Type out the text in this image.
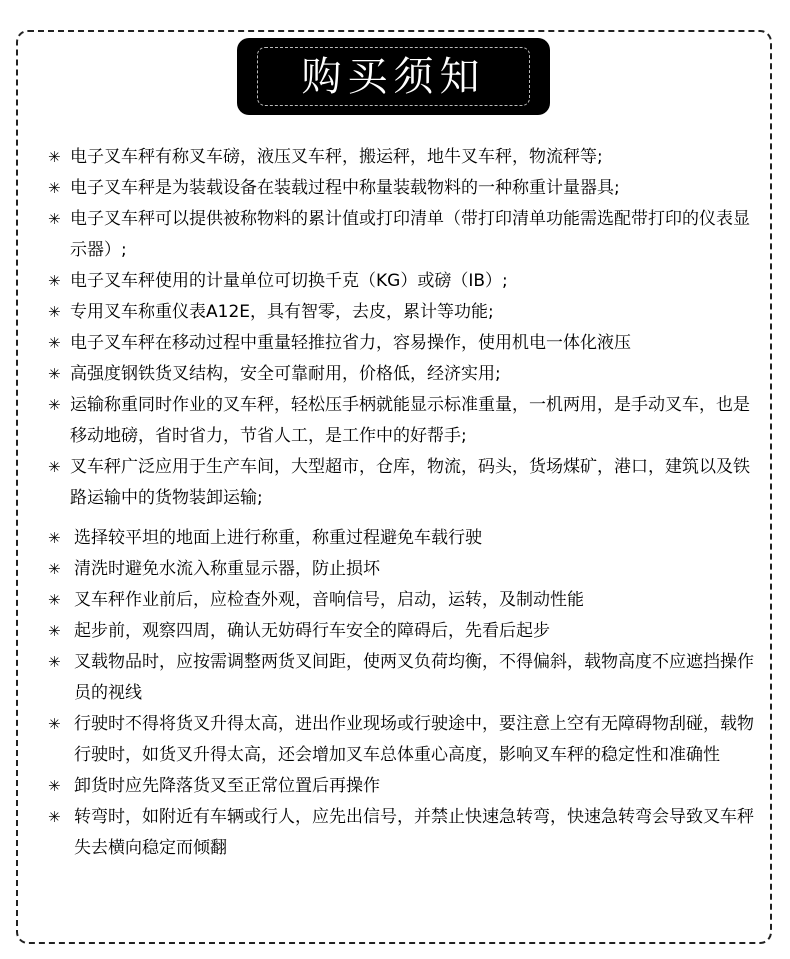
购买须知
✳ 电子叉车秤有称叉车磅，液压叉车秤，搬运秤，地牛叉车秤，物流秤等;
✳ 电子叉车秤是为装载设备在装载过程中称量装载物料的一种称重计量器具;
✳ 电子叉车秤可以提供被称物料的累计值或打印清单（带打印清单功能需选配带打印的仪表显示器）;
✳ 电子叉车秤使用的计量单位可切换千克（KG）或磅（IB）;
✳ 专用叉车称重仪表A12E，具有智零，去皮，累计等功能;
✳ 电子叉车秤在移动过程中重量轻推拉省力，容易操作，使用机电一体化液压
✳ 高强度钢铁货叉结构，安全可靠耐用，价格低，经济实用;
✳ 运输称重同时作业的叉车秤，轻松压手柄就能显示标准重量，一机两用，是手动叉车，也是移动地磅，省时省力，节省人工，是工作中的好帮手;
✳ 叉车秤广泛应用于生产车间，大型超市，仓库，物流，码头，货场煤矿，港口，建筑以及铁路运输中的货物装卸运输;
✳ 选择较平坦的地面上进行称重，称重过程避免车载行驶
✳ 清洗时避免水流入称重显示器，防止损坏
✳ 叉车秤作业前后，应检查外观，音响信号，启动，运转，及制动性能
✳ 起步前，观察四周，确认无妨碍行车安全的障碍后，先看后起步
✳ 叉载物品时，应按需调整两货叉间距，使两叉负荷均衡，不得偏斜，载物高度不应遮挡操作员的视线
✳ 行驶时不得将货叉升得太高，进出作业现场或行驶途中，要注意上空有无障碍物刮碰，载物行驶时，如货叉升得太高，还会增加叉车总体重心高度，影响叉车秤的稳定性和准确性
✳ 卸货时应先降落货叉至正常位置后再操作
✳ 转弯时，如附近有车辆或行人，应先出信号，并禁止快速急转弯，快速急转弯会导致叉车秤失去横向稳定而倾翻
